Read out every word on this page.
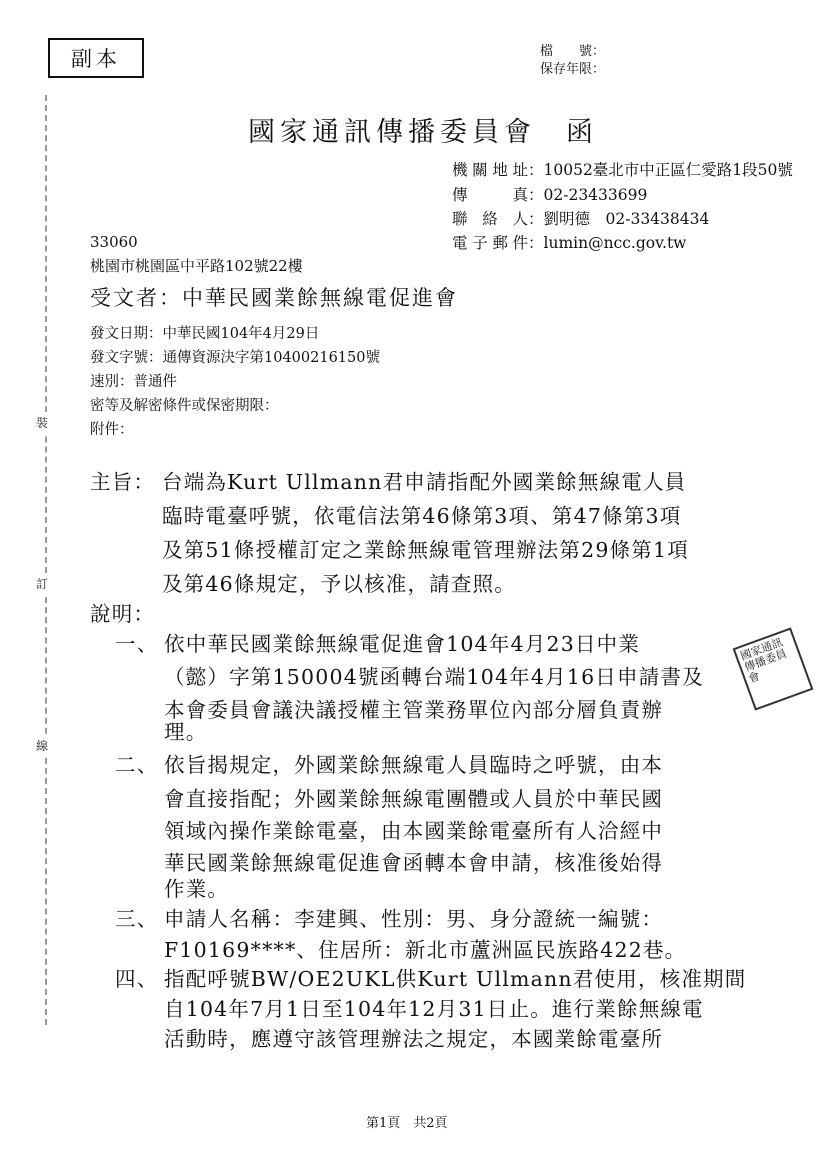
副本	檔　　號：
保存年限：
國家通訊傳播委員會 函
機關地址：10052臺北市中正區仁愛路1段50號
傳　真：02-23433699
聯 絡 人：劉明德　02-33438434
電子郵件：lumin@ncc.gov.tw
33060
桃園市桃園區中平路102號22樓
受文者：中華民國業餘無線電促進會
發文日期：中華民國104年4月29日
發文字號：通傳資源決字第10400216150號
速別：普通件
密等及解密條件或保密期限：
附件：
主旨： 台端為Kurt Ullmann君申請指配外國業餘無線電人員
臨時電臺呼號，依電信法第46條第3項、第47條第3項
及第51條授權訂定之業餘無線電管理辦法第29條第1項
及第46條規定，予以核准，請查照。
說明：
一、 依中華民國業餘無線電促進會104年4月23日中業
（懿）字第150004號函轉台端104年4月16日申請書及
本會委員會議決議授權主管業務單位內部分層負責辦
理。
二、 依旨揭規定，外國業餘無線電人員臨時之呼號，由本
會直接指配；外國業餘無線電團體或人員於中華民國
領域內操作業餘電臺，由本國業餘電臺所有人洽經中
華民國業餘無線電促進會函轉本會申請，核准後始得
作業。
三、 申請人名稱：李建興、性別：男、身分證統一編號：
F10169****、住居所：新北市蘆洲區民族路422巷。
四、 指配呼號BW/OE2UKL供Kurt Ullmann君使用，核准期間
自104年7月1日至104年12月31日止。進行業餘無線電
活動時，應遵守該管理辦法之規定，本國業餘電臺所
裝
訂
線
國家通訊傳播委員會
第1頁　共2頁
